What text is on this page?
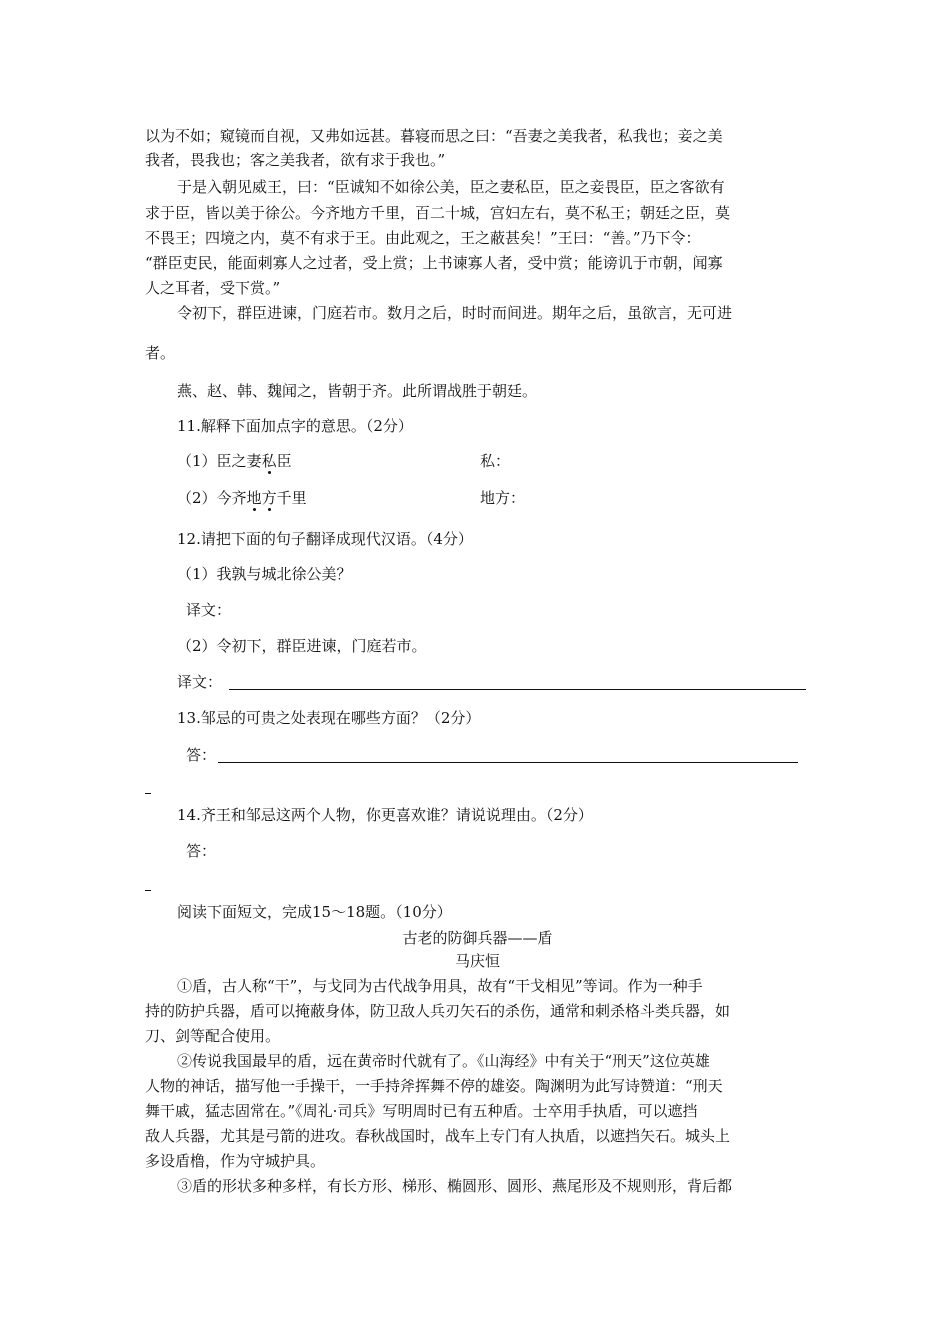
以为不如；窥镜而自视，又弗如远甚。暮寝而思之曰：“吾妻之美我者，私我也；妾之美
我者，畏我也；客之美我者，欲有求于我也。”
于是入朝见威王，曰：“臣诚知不如徐公美，臣之妻私臣，臣之妾畏臣，臣之客欲有
求于臣，皆以美于徐公。今齐地方千里，百二十城，宫妇左右，莫不私王；朝廷之臣，莫
不畏王；四境之内，莫不有求于王。由此观之，王之蔽甚矣！”王曰：“善。”乃下令：
“群臣吏民，能面刺寡人之过者，受上赏；上书谏寡人者，受中赏；能谤讥于市朝，闻寡
人之耳者，受下赏。”
令初下，群臣进谏，门庭若市。数月之后，时时而间进。期年之后，虽欲言，无可进
者。
燕、赵、韩、魏闻之，皆朝于齐。此所谓战胜于朝廷。
11.解释下面加点字的意思。（2分）
（1）臣之妻私臣	私：
（2）今齐地方千里	地方：
12.请把下面的句子翻译成现代汉语。（4分）
（1）我孰与城北徐公美？
译文：
（2）令初下，群臣进谏，门庭若市。
译文：
13.邹忌的可贵之处表现在哪些方面？（2分）
答：
14.齐王和邹忌这两个人物，你更喜欢谁？请说说理由。（2分）
答：
阅读下面短文，完成15～18题。（10分）
古老的防御兵器——盾
马庆恒
①盾，古人称“干”，与戈同为古代战争用具，故有“干戈相见”等词。作为一种手
持的防护兵器，盾可以掩蔽身体，防卫敌人兵刃矢石的杀伤，通常和刺杀格斗类兵器，如
刀、剑等配合使用。
②传说我国最早的盾，远在黄帝时代就有了。《山海经》中有关于“刑天”这位英雄
人物的神话，描写他一手操干，一手持斧挥舞不停的雄姿。陶渊明为此写诗赞道：“刑天
舞干戚，猛志固常在。”《周礼·司兵》写明周时已有五种盾。士卒用手执盾，可以遮挡
敌人兵器，尤其是弓箭的进攻。春秋战国时，战车上专门有人执盾，以遮挡矢石。城头上
多设盾橹，作为守城护具。
③盾的形状多种多样，有长方形、梯形、椭圆形、圆形、燕尾形及不规则形，背后都
